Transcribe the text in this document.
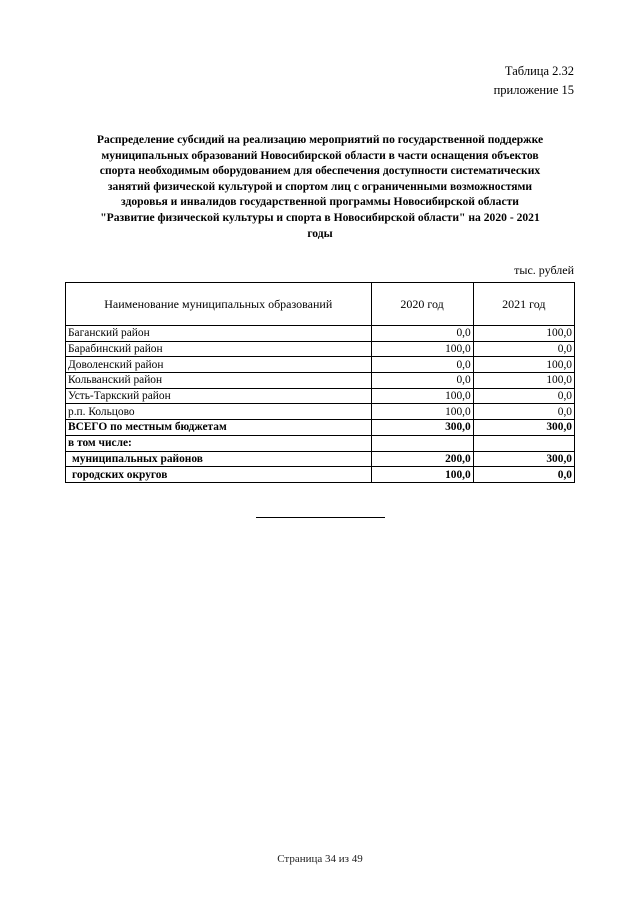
Таблица 2.32
приложение 15
Распределение субсидий на реализацию мероприятий по государственной поддержке
муниципальных образований Новосибирской области в части оснащения объектов
спорта необходимым оборудованием для обеспечения доступности систематических
занятий физической культурой и спортом лиц с ограниченными возможностями
здоровья и инвалидов государственной программы Новосибирской области
"Развитие физической культуры и спорта в Новосибирской области" на 2020 - 2021
годы
тыс. рублей
Наименование муниципальных образований	2020 год	2021 год
Баганский район	0,0	100,0
Барабинский район	100,0	0,0
Доволенский район	0,0	100,0
Кольванский район	0,0	100,0
Усть-Таркский район	100,0	0,0
р.п. Кольцово	100,0	0,0
ВСЕГО по местным бюджетам	300,0	300,0
в том числе:		
муниципальных районов	200,0	300,0
городских округов	100,0	0,0
Страница 34 из 49
